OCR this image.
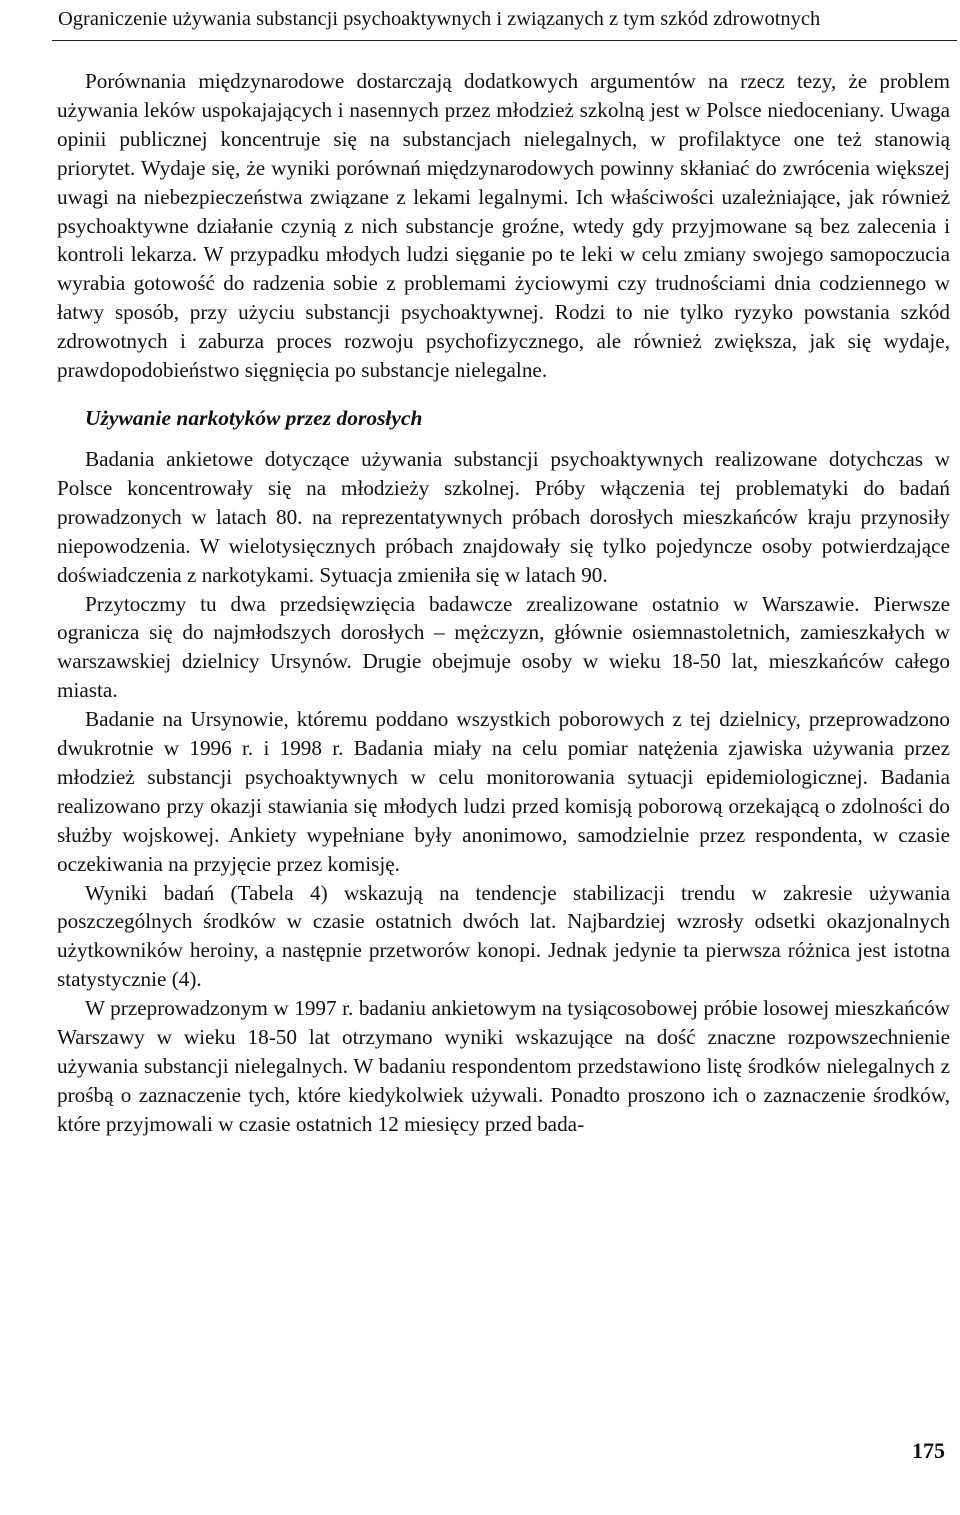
Ograniczenie używania substancji psychoaktywnych i związanych z tym szkód zdrowotnych

Porównania międzynarodowe dostarczają dodatkowych argumentów na rzecz tezy, że problem używania leków uspokajających i nasennych przez młodzież szkolną jest w Polsce niedoceniany. Uwaga opinii publicznej koncentruje się na substancjach nielegalnych, w profilaktyce one też stanowią priorytet. Wydaje się, że wyniki porównań międzynarodowych powinny skłaniać do zwrócenia większej uwagi na niebezpieczeństwa związane z lekami legalnymi. Ich właściwości uzależniające, jak również psychoaktywne działanie czynią z nich substancje groźne, wtedy gdy przyjmowane są bez zalecenia i kontroli lekarza. W przypadku młodych ludzi sięganie po te leki w celu zmiany swojego samopoczucia wyrabia gotowość do radzenia sobie z problemami życiowymi czy trudnościami dnia codziennego w łatwy sposób, przy użyciu substancji psychoaktywnej. Rodzi to nie tylko ryzyko powstania szkód zdrowotnych i zaburza proces rozwoju psychofizycznego, ale również zwiększa, jak się wydaje, prawdopodobieństwo sięgnięcia po substancje nielegalne.

Używanie narkotyków przez dorosłych

Badania ankietowe dotyczące używania substancji psychoaktywnych realizowane dotychczas w Polsce koncentrowały się na młodzieży szkolnej. Próby włączenia tej problematyki do badań prowadzonych w latach 80. na reprezentatywnych próbach dorosłych mieszkańców kraju przynosiły niepowodzenia. W wielotysięcznych próbach znajdowały się tylko pojedyncze osoby potwierdzające doświadczenia z narkotykami. Sytuacja zmieniła się w latach 90.

Przytoczmy tu dwa przedsięwzięcia badawcze zrealizowane ostatnio w Warszawie. Pierwsze ogranicza się do najmłodszych dorosłych – mężczyzn, głównie osiemnastoletnich, zamieszkałych w warszawskiej dzielnicy Ursynów. Drugie obejmuje osoby w wieku 18-50 lat, mieszkańców całego miasta.

Badanie na Ursynowie, któremu poddano wszystkich poborowych z tej dzielnicy, przeprowadzono dwukrotnie w 1996 r. i 1998 r. Badania miały na celu pomiar natężenia zjawiska używania przez młodzież substancji psychoaktywnych w celu monitorowania sytuacji epidemiologicznej. Badania realizowano przy okazji stawiania się młodych ludzi przed komisją poborową orzekającą o zdolności do służby wojskowej. Ankiety wypełniane były anonimowo, samodzielnie przez respondenta, w czasie oczekiwania na przyjęcie przez komisję.

Wyniki badań (Tabela 4) wskazują na tendencje stabilizacji trendu w zakresie używania poszczególnych środków w czasie ostatnich dwóch lat. Najbardziej wzrosły odsetki okazjonalnych użytkowników heroiny, a następnie przetworów konopi. Jednak jedynie ta pierwsza różnica jest istotna statystycznie (4).

W przeprowadzonym w 1997 r. badaniu ankietowym na tysiącosobowej próbie losowej mieszkańców Warszawy w wieku 18-50 lat otrzymano wyniki wskazujące na dość znaczne rozpowszechnienie używania substancji nielegalnych. W badaniu respondentom przedstawiono listę środków nielegalnych z prośbą o zaznaczenie tych, które kiedykolwiek używali. Ponadto proszono ich o zaznaczenie środków, które przyjmowali w czasie ostatnich 12 miesięcy przed bada-

175
